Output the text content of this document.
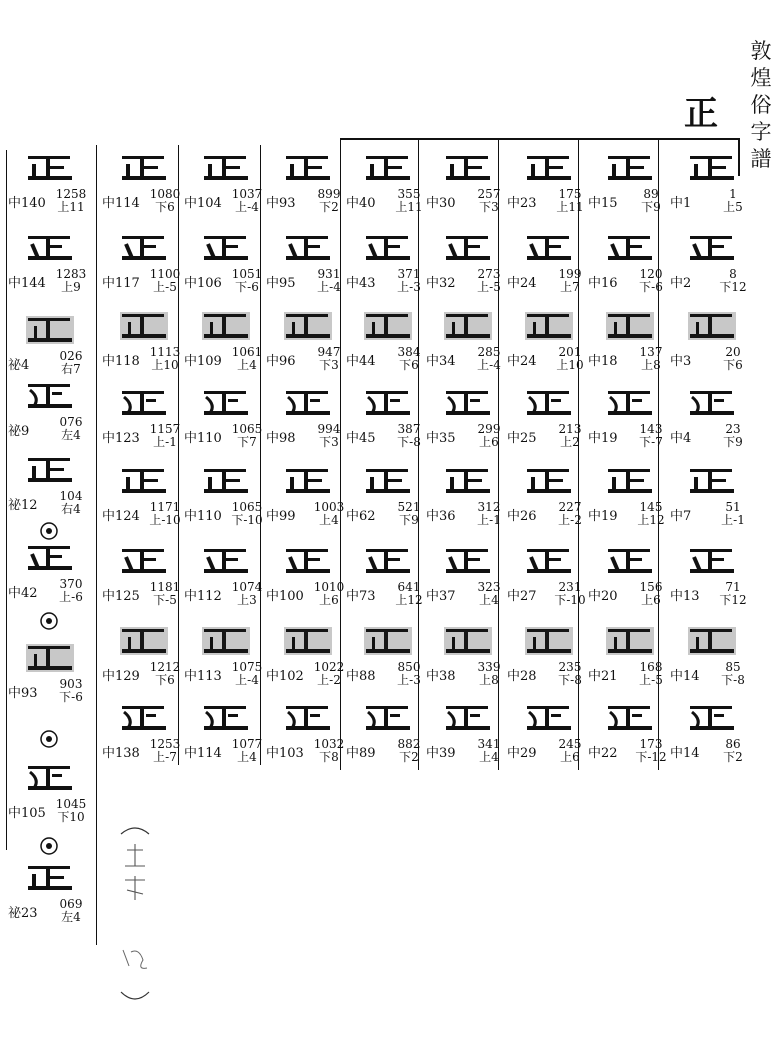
敦煌俗字譜
正
中1
1
上5
中2
8
下12
中3
20
下6
中4
23
下9
中7
51
上-1
中13
71
下12
中14
85
下-8
中14
86
下2
中15
89
下9
中16
120
下-6
中18
137
上8
中19
143
下-7
中19
145
上12
中20
156
上6
中21
168
上-5
中22
173
下-12
中23
175
上11
中24
199
上7
中24
201
上10
中25
213
上2
中26
227
上-2
中27
231
下-10
中28
235
下-8
中29
245
上6
中30
257
下3
中32
273
上-5
中34
285
上-4
中35
299
上6
中36
312
上-1
中37
323
上4
中38
339
上8
中39
341
上4
中40
355
上11
中43
371
上-3
中44
384
下6
中45
387
下-8
中62
521
下9
中73
641
上12
中88
850
上-3
中89
882
下2
中93
899
下2
中95
931
上-4
中96
947
下3
中98
994
下3
中99
1003
上4
中100
1010
上6
中102
1022
上-2
中103
1032
下8
中104
1037
上-4
中106
1051
下-6
中109
1061
上4
中110
1065
下7
中110
1065
下-10
中112
1074
上3
中113
1075
上-4
中114
1077
上4
中114
1080
下6
中117
1100
上-5
中118
1113
上10
中123
1157
上-1
中124
1171
上-10
中125
1181
下-5
中129
1212
下6
中138
1253
上-7
中140
1258
上11
中144
1283
上9
祕4
026
右7
祕9
076
左4
祕12
104
右4
中42
370
上-6
中93
903
下-6
中105
1045
下10
祕23
069
左4
